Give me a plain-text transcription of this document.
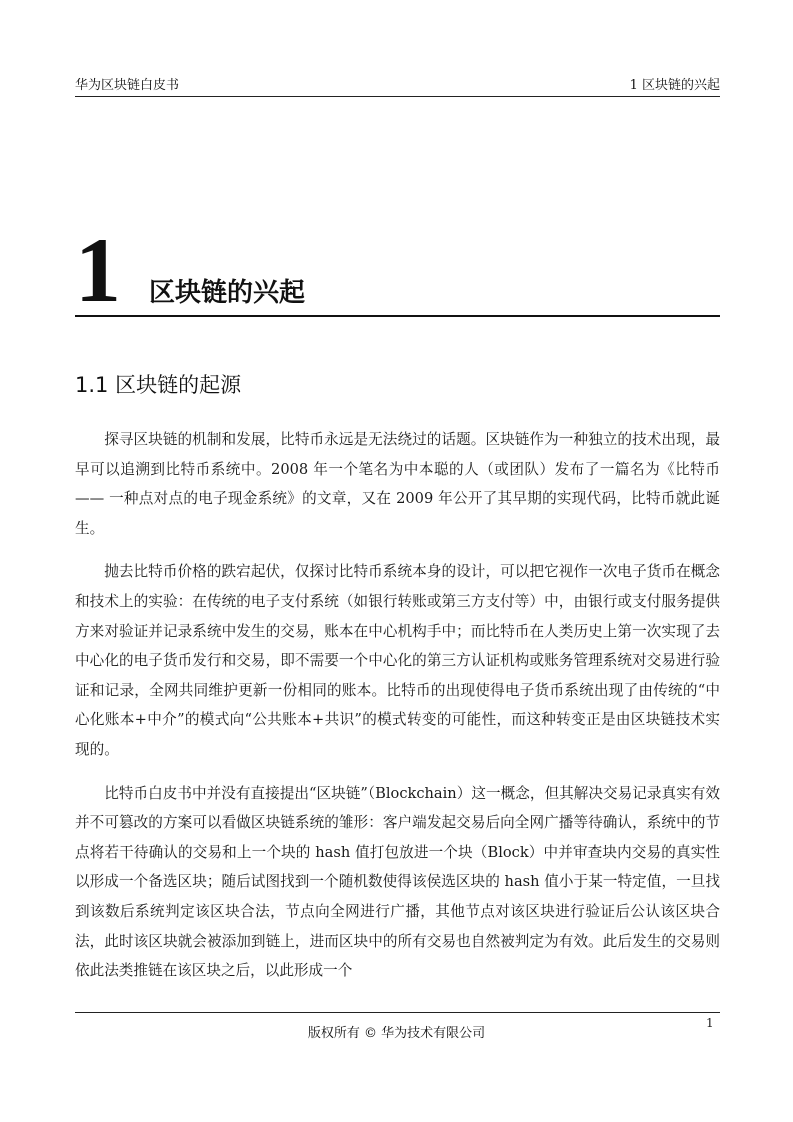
华为区块链白皮书	1 区块链的兴起
1 区块链的兴起
1.1 区块链的起源

探寻区块链的机制和发展，比特币永远是无法绕过的话题。区块链作为一种独立的技术出现，最早可以追溯到比特币系统中。2008 年一个笔名为中本聪的人（或团队）发布了一篇名为《比特币 —— 一种点对点的电子现金系统》的文章，又在 2009 年公开了其早期的实现代码，比特币就此诞生。

抛去比特币价格的跌宕起伏，仅探讨比特币系统本身的设计，可以把它视作一次电子货币在概念和技术上的实验：在传统的电子支付系统（如银行转账或第三方支付等）中，由银行或支付服务提供方来对验证并记录系统中发生的交易，账本在中心机构手中；而比特币在人类历史上第一次实现了去中心化的电子货币发行和交易，即不需要一个中心化的第三方认证机构或账务管理系统对交易进行验证和记录，全网共同维护更新一份相同的账本。比特币的出现使得电子货币系统出现了由传统的“中心化账本+中介”的模式向“公共账本+共识”的模式转变的可能性，而这种转变正是由区块链技术实现的。

比特币白皮书中并没有直接提出“区块链”（Blockchain）这一概念，但其解决交易记录真实有效并不可篡改的方案可以看做区块链系统的雏形：客户端发起交易后向全网广播等待确认，系统中的节点将若干待确认的交易和上一个块的 hash 值打包放进一个块（Block）中并审查块内交易的真实性以形成一个备选区块；随后试图找到一个随机数使得该侯选区块的 hash 值小于某一特定值，一旦找到该数后系统判定该区块合法，节点向全网进行广播，其他节点对该区块进行验证后公认该区块合法，此时该区块就会被添加到链上，进而区块中的所有交易也自然被判定为有效。此后发生的交易则依此法类推链在该区块之后，以此形成一个

1
版权所有 © 华为技术有限公司
